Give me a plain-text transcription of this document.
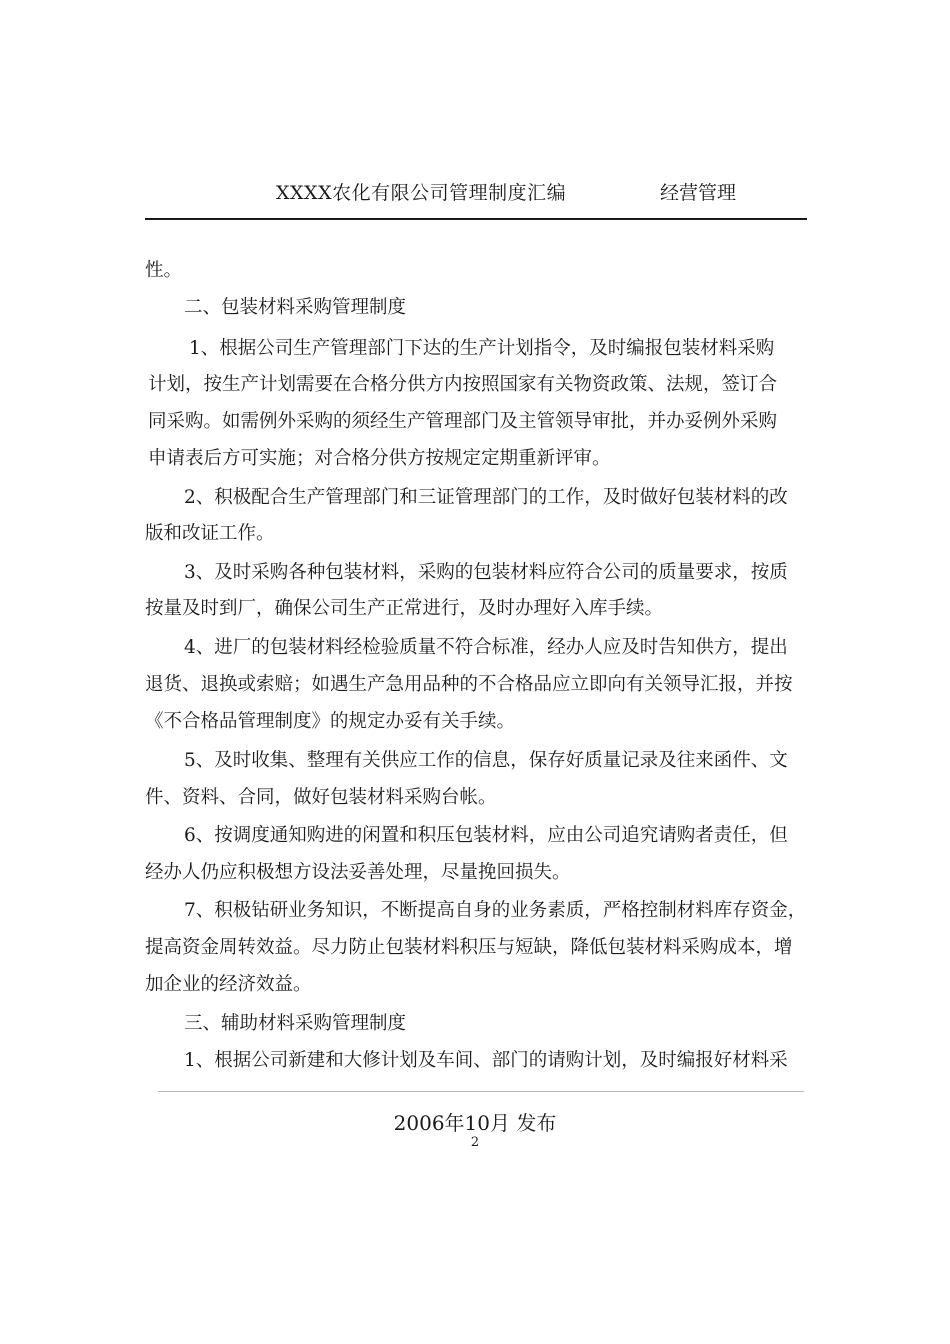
XXXX农化有限公司管理制度汇编	经营管理
性。
二、包装材料采购管理制度
1、根据公司生产管理部门下达的生产计划指令，及时编报包装材料采购
计划，按生产计划需要在合格分供方内按照国家有关物资政策、法规，签订合
同采购。如需例外采购的须经生产管理部门及主管领导审批，并办妥例外采购
申请表后方可实施；对合格分供方按规定定期重新评审。
2、积极配合生产管理部门和三证管理部门的工作，及时做好包装材料的改
版和改证工作。
3、及时采购各种包装材料，采购的包装材料应符合公司的质量要求，按质
按量及时到厂，确保公司生产正常进行，及时办理好入库手续。
4、进厂的包装材料经检验质量不符合标准，经办人应及时告知供方，提出
退货、退换或索赔；如遇生产急用品种的不合格品应立即向有关领导汇报，并按
《不合格品管理制度》的规定办妥有关手续。
5、及时收集、整理有关供应工作的信息，保存好质量记录及往来函件、文
件、资料、合同，做好包装材料采购台帐。
6、按调度通知购进的闲置和积压包装材料，应由公司追究请购者责任，但
经办人仍应积极想方设法妥善处理，尽量挽回损失。
7、积极钻研业务知识，不断提高自身的业务素质，严格控制材料库存资金，
提高资金周转效益。尽力防止包装材料积压与短缺，降低包装材料采购成本，增
加企业的经济效益。
三、辅助材料采购管理制度
1、根据公司新建和大修计划及车间、部门的请购计划，及时编报好材料采
2006年10月 发布
2
